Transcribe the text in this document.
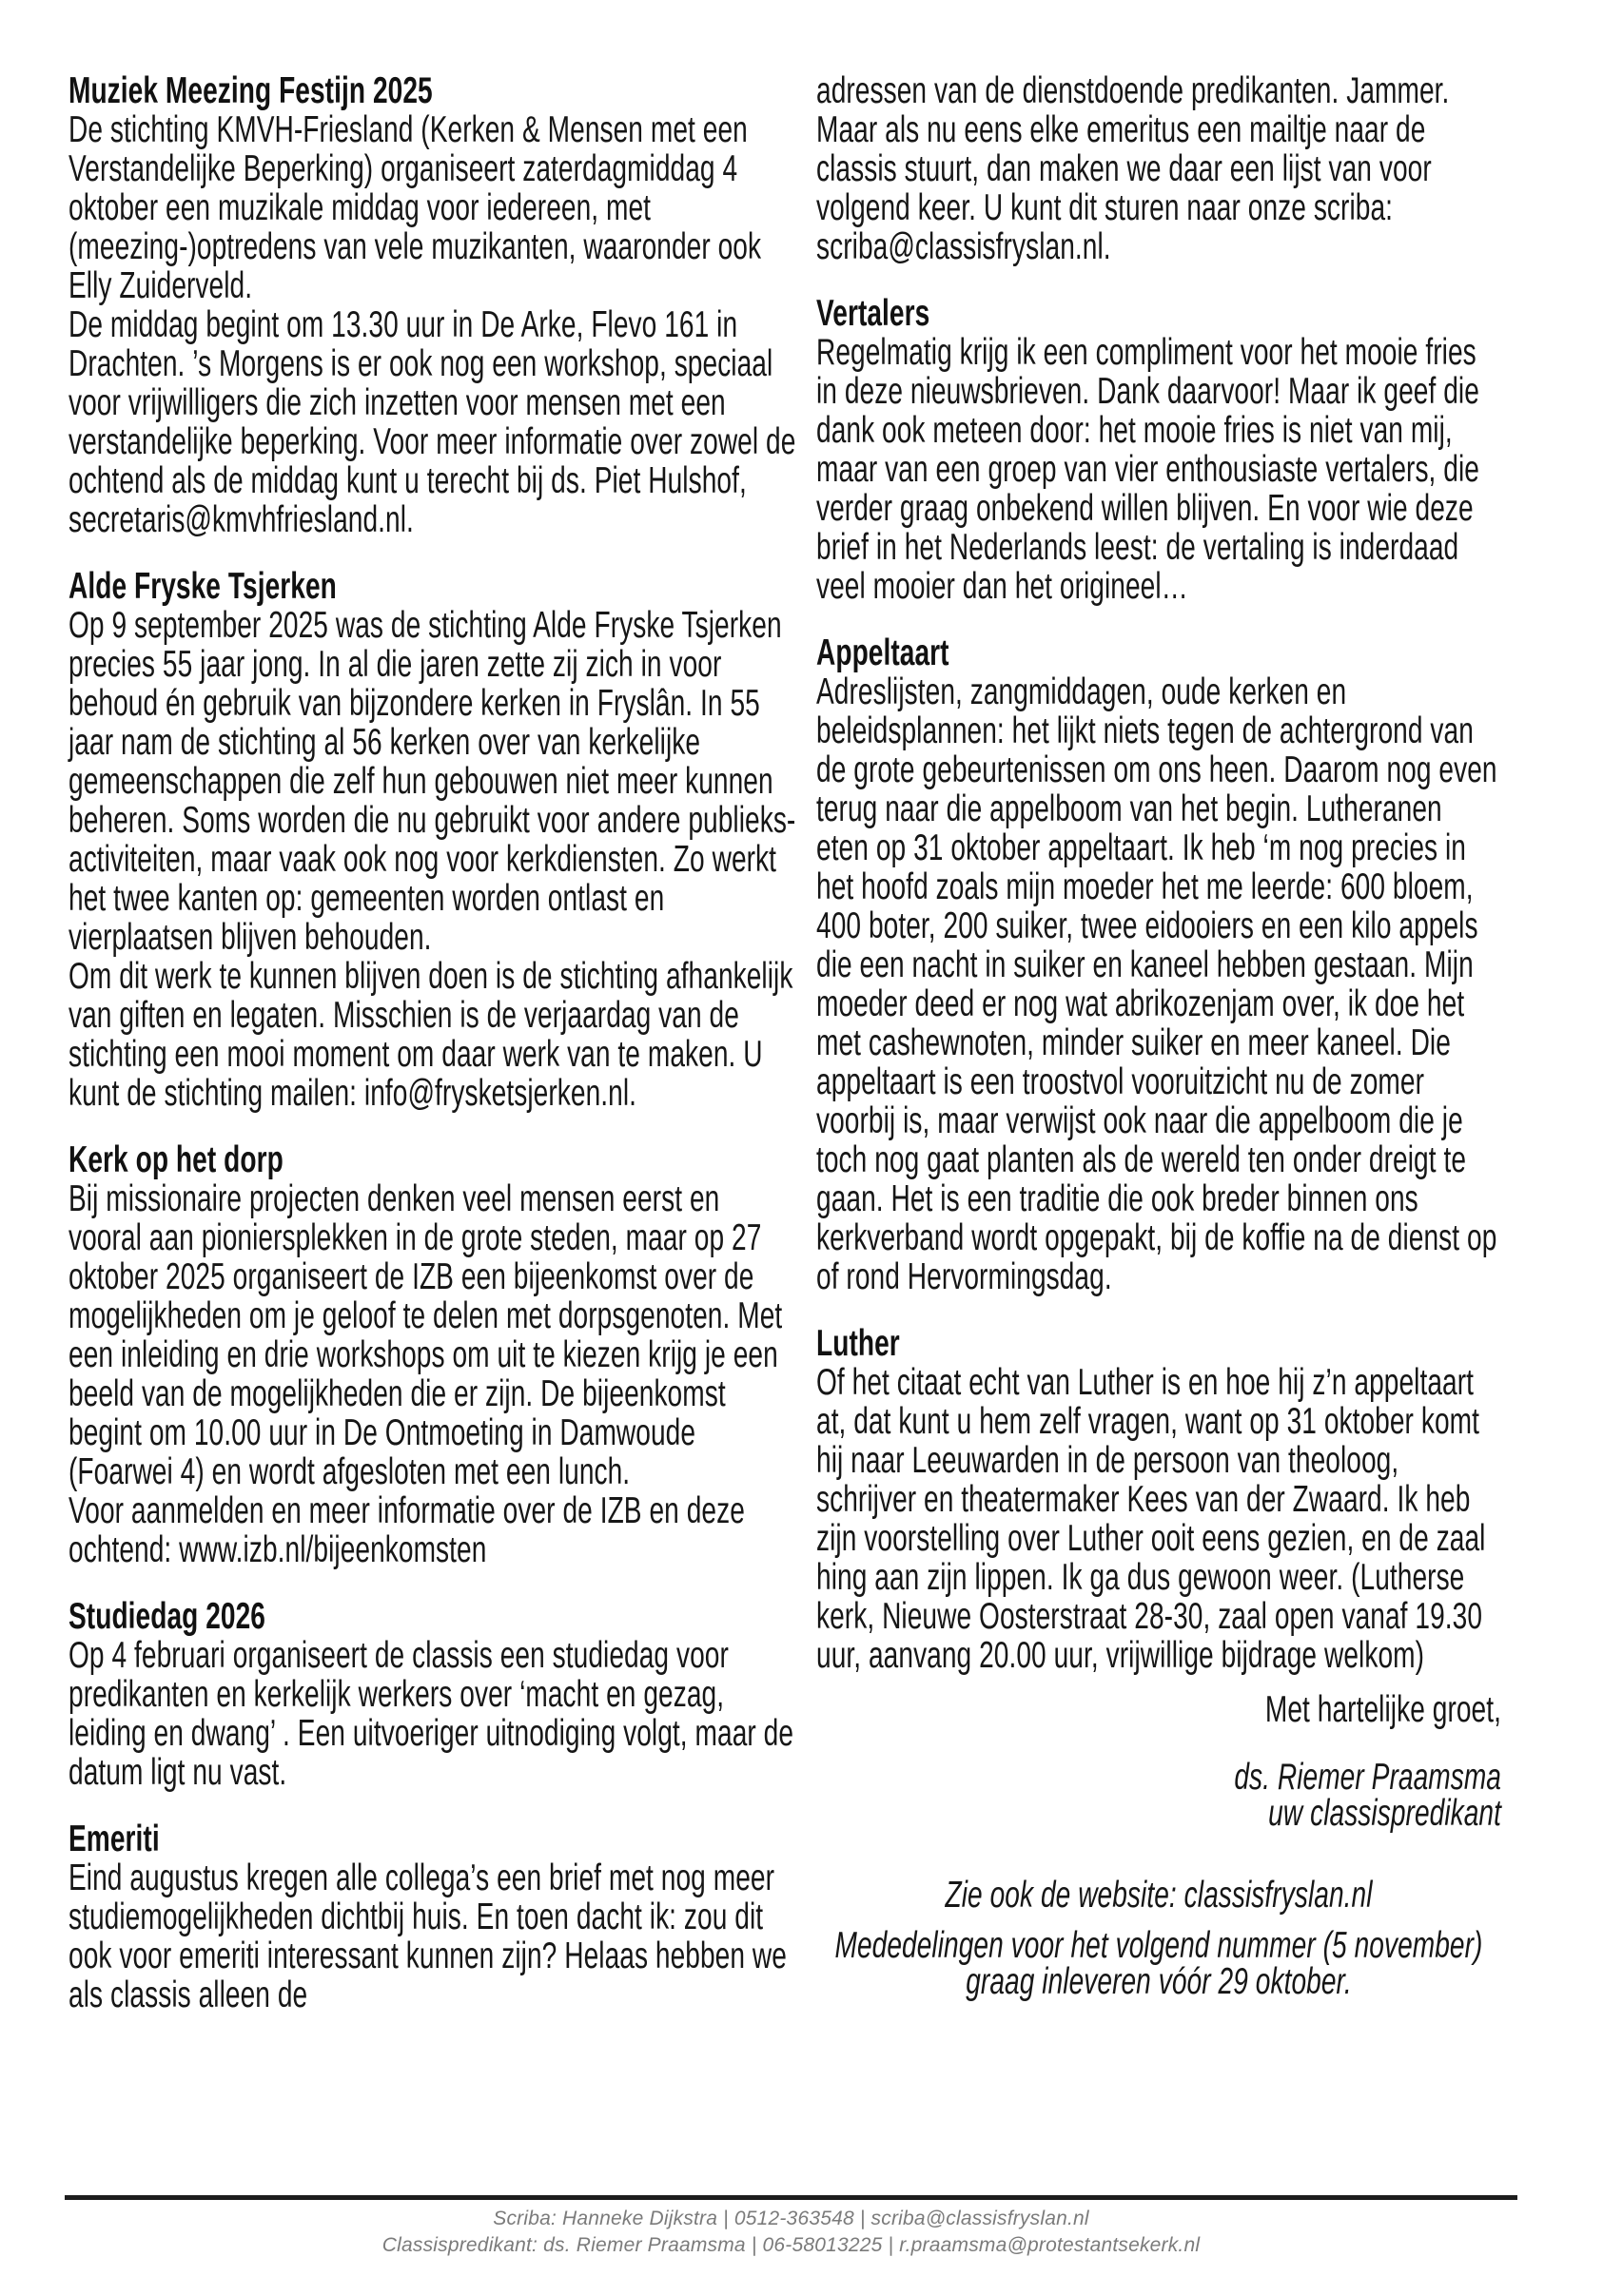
Muziek Meezing Festijn 2025

De stichting KMVH-Friesland (Kerken & Mensen met een Verstandelijke Beperking) organiseert zaterdagmiddag 4 oktober een muzikale middag voor iedereen, met (meezing-)optredens van vele muzikanten, waaronder ook Elly Zuiderveld.

De middag begint om 13.30 uur in De Arke, Flevo 161 in Drachten. ’s Morgens is er ook nog een workshop, speciaal voor vrijwilligers die zich inzetten voor mensen met een verstandelijke beperking. Voor meer informatie over zowel de ochtend als de middag kunt u terecht bij ds. Piet Hulshof, secretaris@kmvhfriesland.nl.

Alde Fryske Tsjerken

Op 9 september 2025 was de stichting Alde Fryske Tsjerken precies 55 jaar jong. In al die jaren zette zij zich in voor behoud én gebruik van bijzondere kerken in Fryslân. In 55 jaar nam de stichting al 56 kerken over van kerkelijke gemeenschappen die zelf hun gebouwen niet meer kunnen beheren. Soms worden die nu gebruikt voor andere publieks-activiteiten, maar vaak ook nog voor kerkdiensten. Zo werkt het twee kanten op: gemeenten worden ontlast en vierplaatsen blijven behouden.

Om dit werk te kunnen blijven doen is de stichting afhankelijk van giften en legaten. Misschien is de verjaardag van de stichting een mooi moment om daar werk van te maken. U kunt de stichting mailen: info@frysketsjerken.nl.

Kerk op het dorp

Bij missionaire projecten denken veel mensen eerst en vooral aan pioniersplekken in de grote steden, maar op 27 oktober 2025 organiseert de IZB een bijeenkomst over de mogelijkheden om je geloof te delen met dorpsgenoten. Met een inleiding en drie workshops om uit te kiezen krijg je een beeld van de mogelijkheden die er zijn. De bijeenkomst begint om 10.00 uur in De Ontmoeting in Damwoude (Foarwei 4) en wordt afgesloten met een lunch.

Voor aanmelden en meer informatie over de IZB en deze ochtend: www.izb.nl/bijeenkomsten

Studiedag 2026

Op 4 februari organiseert de classis een studiedag voor predikanten en kerkelijk werkers over ‘macht en gezag, leiding en dwang’ . Een uitvoeriger uitnodiging volgt, maar de datum ligt nu vast.

Emeriti

Eind augustus kregen alle collega’s een brief met nog meer studiemogelijkheden dichtbij huis. En toen dacht ik: zou dit ook voor emeriti interessant kunnen zijn? Helaas hebben we als classis alleen de

adressen van de dienstdoende predikanten. Jammer. Maar als nu eens elke emeritus een mailtje naar de classis stuurt, dan maken we daar een lijst van voor volgend keer. U kunt dit sturen naar onze scriba: scriba@classisfryslan.nl.

Vertalers

Regelmatig krijg ik een compliment voor het mooie fries in deze nieuwsbrieven. Dank daarvoor! Maar ik geef die dank ook meteen door: het mooie fries is niet van mij, maar van een groep van vier enthousiaste vertalers, die verder graag onbekend willen blijven. En voor wie deze brief in het Nederlands leest: de vertaling is inderdaad veel mooier dan het origineel…

Appeltaart

Adreslijsten, zangmiddagen, oude kerken en beleidsplannen: het lijkt niets tegen de achtergrond van de grote gebeurtenissen om ons heen. Daarom nog even terug naar die appelboom van het begin. Lutheranen eten op 31 oktober appeltaart. Ik heb ‘m nog precies in het hoofd zoals mijn moeder het me leerde: 600 bloem, 400 boter, 200 suiker, twee eidooiers en een kilo appels die een nacht in suiker en kaneel hebben gestaan. Mijn moeder deed er nog wat abrikozenjam over, ik doe het met cashewnoten, minder suiker en meer kaneel. Die appeltaart is een troostvol vooruitzicht nu de zomer voorbij is, maar verwijst ook naar die appelboom die je toch nog gaat planten als de wereld ten onder dreigt te gaan. Het is een traditie die ook breder binnen ons kerkverband wordt opgepakt, bij de koffie na de dienst op of rond Hervormingsdag.

Luther

Of het citaat echt van Luther is en hoe hij z’n appeltaart at, dat kunt u hem zelf vragen, want op 31 oktober komt hij naar Leeuwarden in de persoon van theoloog, schrijver en theatermaker Kees van der Zwaard. Ik heb zijn voorstelling over Luther ooit eens gezien, en de zaal hing aan zijn lippen. Ik ga dus gewoon weer. (Lutherse kerk, Nieuwe Oosterstraat 28-30, zaal open vanaf 19.30 uur, aanvang 20.00 uur, vrijwillige bijdrage welkom)

Met hartelijke groet,
ds. Riemer Praamsma
uw classispredikant
Zie ook de website: classisfryslan.nl
Mededelingen voor het volgend nummer (5 november)
graag inleveren vóór 29 oktober.
Scriba: Hanneke Dijkstra | 0512-363548 | scriba@classisfryslan.nl
Classispredikant: ds. Riemer Praamsma | 06-58013225 | r.praamsma@protestantsekerk.nl
